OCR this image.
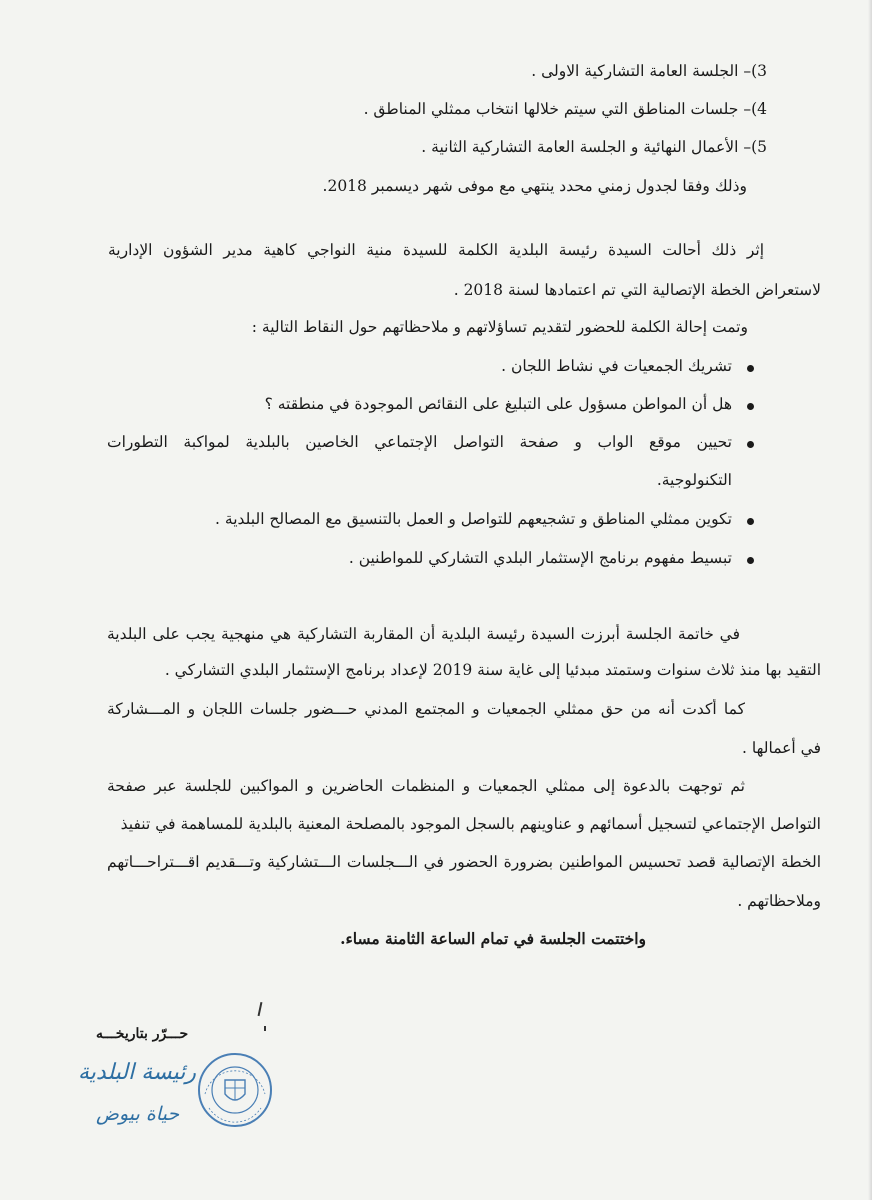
3)– الجلسة العامة التشاركية الاولى .
4)– جلسات المناطق التي سيتم خلالها انتخاب ممثلي المناطق .
5)– الأعمال النهائية و الجلسة العامة التشاركية الثانية .
وذلك وفقا لجدول زمني محدد ينتهي مع موفى شهر ديسمبر 2018.
إثر ذلك أحالت السيدة رئيسة البلدية الكلمة للسيدة منية النواجي كاهية مدير الشؤون الإدارية
لاستعراض الخطة الإتصالية التي تم اعتمادها لسنة 2018 .
وتمت إحالة الكلمة للحضور لتقديم تساؤلاتهم و ملاحظاتهم حول النقاط التالية :
تشريك الجمعيات في نشاط اللجان .
هل أن المواطن مسؤول على التبليغ على النقائص الموجودة في منطقته ؟
تحيين موقع الواب و صفحة التواصل الإجتماعي الخاصين بالبلدية لمواكبة التطورات
التكنولوجية.
تكوين ممثلي المناطق و تشجيعهم للتواصل و العمل بالتنسيق مع المصالح البلدية .
تبسيط مفهوم برنامج الإستثمار البلدي التشاركي للمواطنين .
في خاتمة الجلسة أبرزت السيدة رئيسة البلدية أن المقاربة التشاركية هي منهجية يجب على البلدية
التقيد بها منذ ثلاث سنوات وستمتد مبدئيا إلى غاية سنة 2019 لإعداد برنامج الإستثمار البلدي التشاركي .
كما أكدت أنه من حق ممثلي الجمعيات و المجتمع المدني حـــضور جلسات اللجان و المـــشاركة
في أعمالها .
ثم توجهت بالدعوة إلى ممثلي الجمعيات و المنظمات الحاضرين و المواكبين للجلسة عبر صفحة
التواصل الإجتماعي لتسجيل أسمائهم و عناوينهم بالسجل الموجود بالمصلحة المعنية بالبلدية للمساهمة في تنفيذ
الخطة الإتصالية قصد تحسيس المواطنين بضرورة الحضور في الـــجلسات الـــتشاركية وتـــقديم اقـــتراحـــاتهم
وملاحظاتهم .
واختتمت الجلسة في تمام الساعة الثامنة مساء.
حـــرّر بتاريخـــه
رئيسة البلدية
حياة بيوض
